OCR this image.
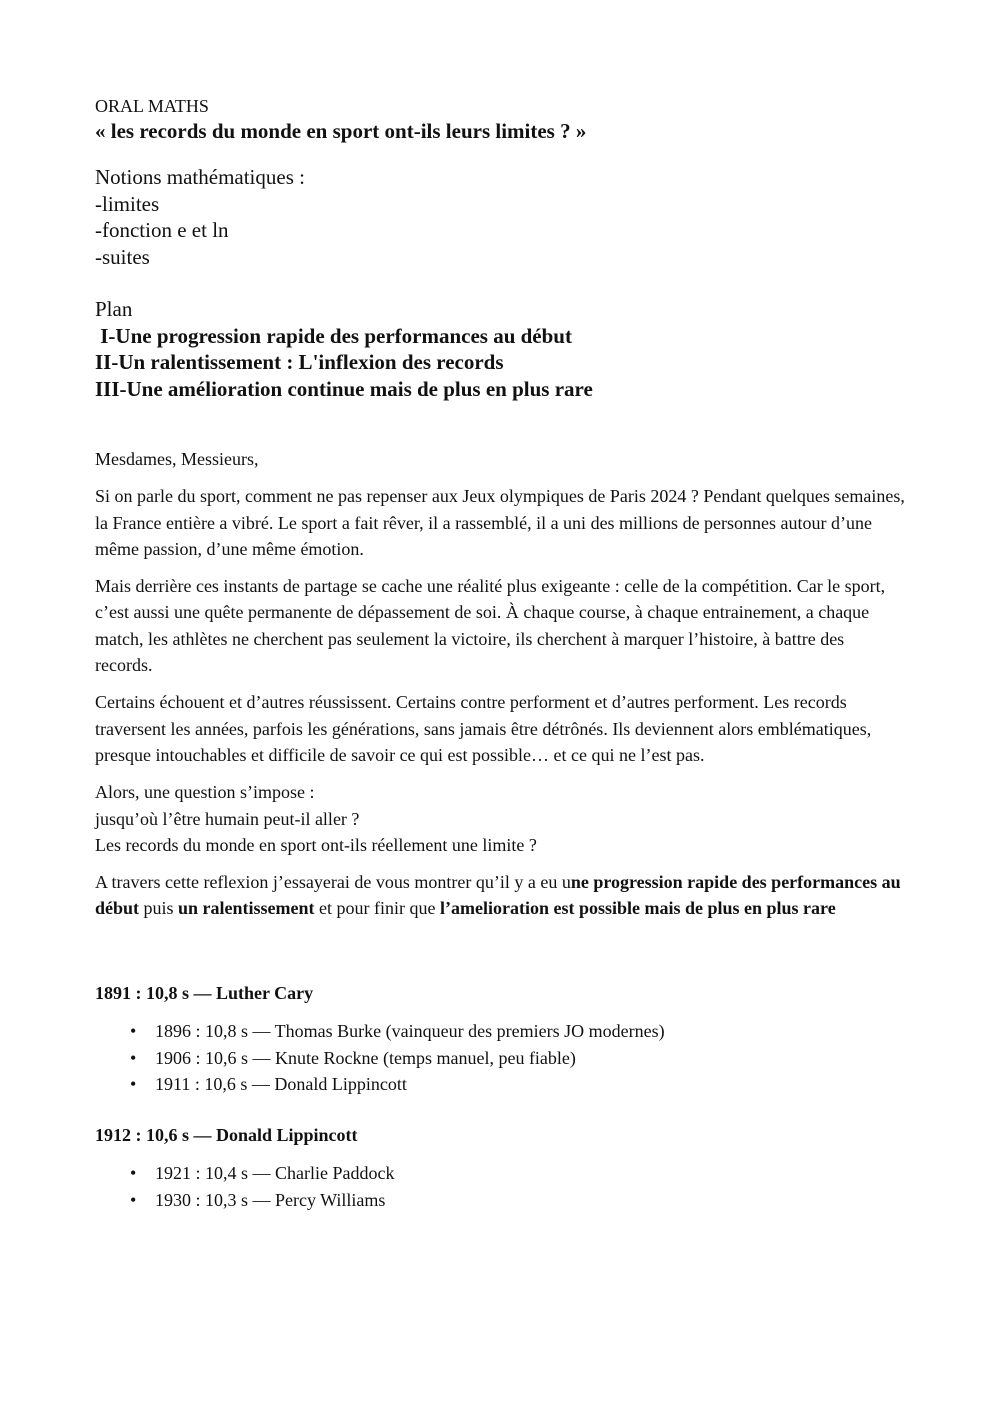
ORAL MATHS

« les records du monde en sport ont-ils leurs limites ? »

Notions mathématiques :
-limites
-fonction e et ln
-suites
Plan
I-Une progression rapide des performances au début
II-Un ralentissement : L'inflexion des records
III-Une amélioration continue mais de plus en plus rare

Mesdames, Messieurs,

Si on parle du sport, comment ne pas repenser aux Jeux olympiques de Paris 2024 ? Pendant quelques semaines, la France entière a vibré. Le sport a fait rêver, il a rassemblé, il a uni des millions de personnes autour d’une même passion, d’une même émotion.

Mais derrière ces instants de partage se cache une réalité plus exigeante : celle de la compétition. Car le sport, c’est aussi une quête permanente de dépassement de soi. À chaque course, à chaque entrainement, a chaque match, les athlètes ne cherchent pas seulement la victoire, ils cherchent à marquer l’histoire, à battre des records.

Certains échouent et d’autres réussissent. Certains contre performent et d’autres performent. Les records traversent les années, parfois les générations, sans jamais être détrônés. Ils deviennent alors emblématiques, presque intouchables et difficile de savoir ce qui est possible… et ce qui ne l’est pas.

Alors, une question s’impose :
jusqu’où l’être humain peut-il aller ?
Les records du monde en sport ont-ils réellement une limite ?

A travers cette reflexion j’essayerai de vous montrer qu’il y a eu une progression rapide des performances au début puis un ralentissement et pour finir que l’amelioration est possible mais de plus en plus rare

1891 : 10,8 s — Luther Cary

• 1896 : 10,8 s — Thomas Burke (vainqueur des premiers JO modernes)
• 1906 : 10,6 s — Knute Rockne (temps manuel, peu fiable)
• 1911 : 10,6 s — Donald Lippincott

1912 : 10,6 s — Donald Lippincott

• 1921 : 10,4 s — Charlie Paddock
• 1930 : 10,3 s — Percy Williams
